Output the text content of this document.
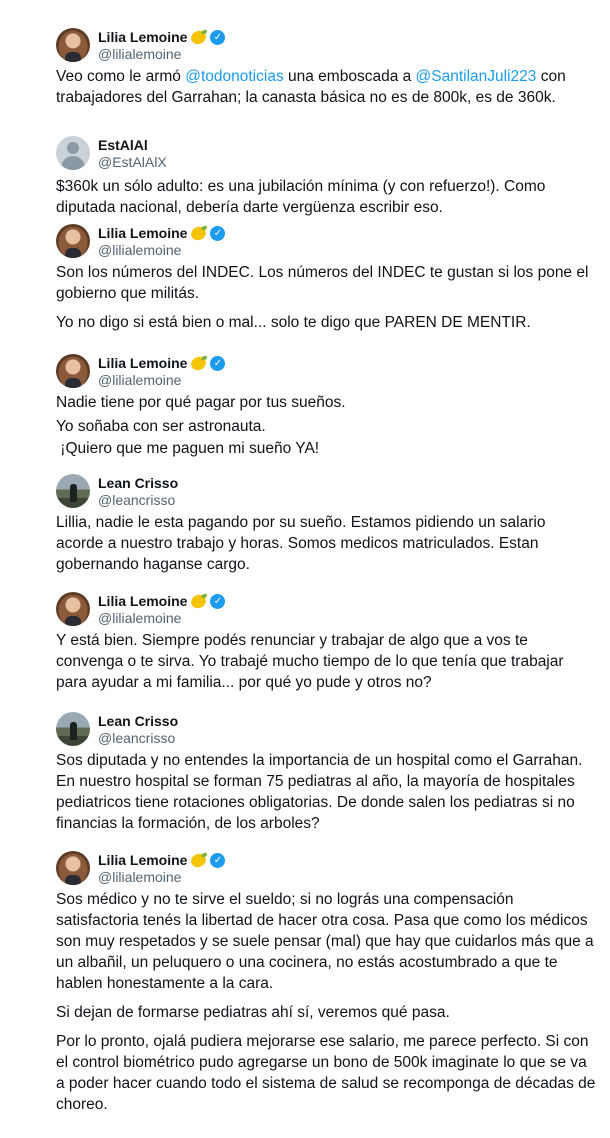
Lilia Lemoine	✓
@lilialemoine

Veo como le armó @todonoticias una emboscada a @SantilanJuli223 con trabajadores del Garrahan; la canasta básica no es de 800k, es de 360k.

EstAlAl
@EstAlAlX

$360k un sólo adulto: es una jubilación mínima (y con refuerzo!). Como diputada nacional, debería darte vergüenza escribir eso.

Lilia Lemoine	✓
@lilialemoine

Son los números del INDEC. Los números del INDEC te gustan si los pone el gobierno que militás.

Yo no digo si está bien o mal... solo te digo que PAREN DE MENTIR.

Lilia Lemoine	✓
@lilialemoine

Nadie tiene por qué pagar por tus sueños.

Yo soñaba con ser astronauta.

¡Quiero que me paguen mi sueño YA!

Lean Crisso
@leancrisso

Lillia, nadie le esta pagando por su sueño. Estamos pidiendo un salario acorde a nuestro trabajo y horas. Somos medicos matriculados. Estan gobernando haganse cargo.

Lilia Lemoine	✓
@lilialemoine

Y está bien. Siempre podés renunciar y trabajar de algo que a vos te convenga o te sirva. Yo trabajé mucho tiempo de lo que tenía que trabajar para ayudar a mi familia... por qué yo pude y otros no?

Lean Crisso
@leancrisso

Sos diputada y no entendes la importancia de un hospital como el Garrahan. En nuestro hospital se forman 75 pediatras al año, la mayoría de hospitales pediatricos tiene rotaciones obligatorias. De donde salen los pediatras si no financias la formación, de los arboles?

Lilia Lemoine	✓
@lilialemoine

Sos médico y no te sirve el sueldo; si no lográs una compensación satisfactoria tenés la libertad de hacer otra cosa. Pasa que como los médicos son muy respetados y se suele pensar (mal) que hay que cuidarlos más que a un albañil, un peluquero o una cocinera, no estás acostumbrado a que te hablen honestamente a la cara.

Si dejan de formarse pediatras ahí sí, veremos qué pasa.

Por lo pronto, ojalá pudiera mejorarse ese salario, me parece perfecto. Si con el control biométrico pudo agregarse un bono de 500k imaginate lo que se va a poder hacer cuando todo el sistema de salud se recomponga de décadas de choreo.
